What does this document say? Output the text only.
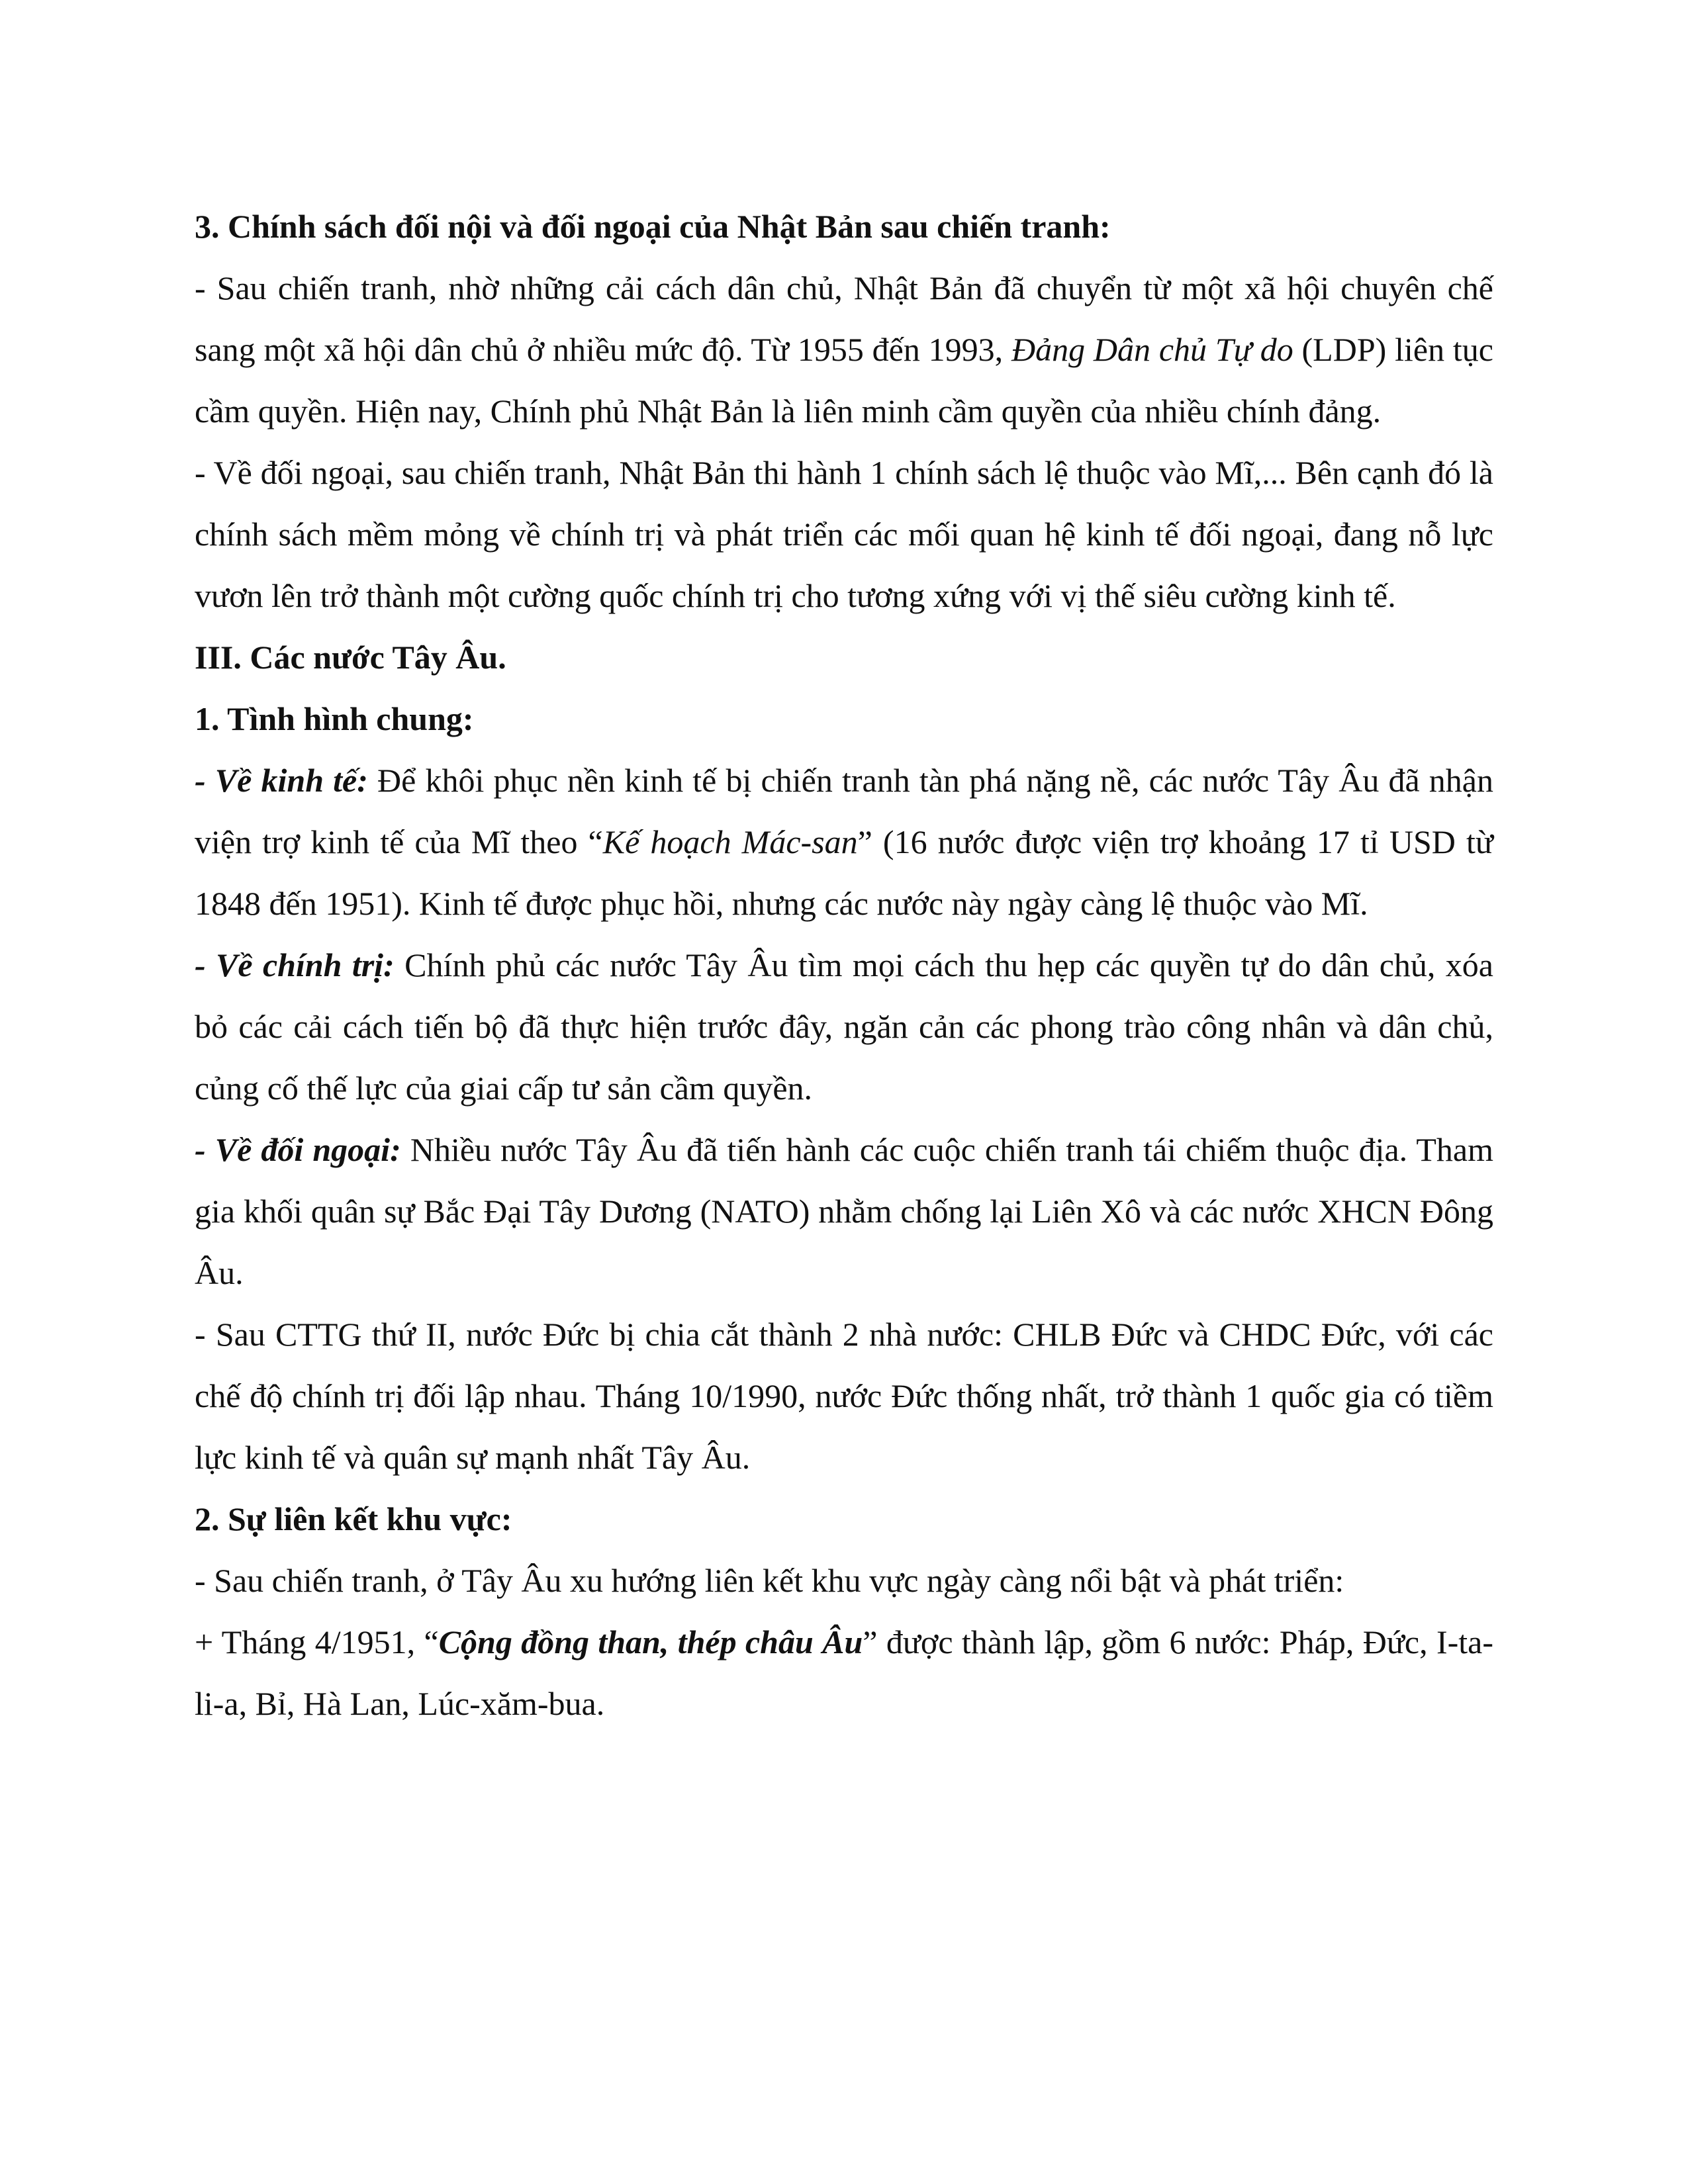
3. Chính sách đối nội và đối ngoại của Nhật Bản sau chiến tranh:

- Sau chiến tranh, nhờ những cải cách dân chủ, Nhật Bản đã chuyển từ một xã hội chuyên chế sang một xã hội dân chủ ở nhiều mức độ. Từ 1955 đến 1993, Đảng Dân chủ Tự do (LDP) liên tục cầm quyền. Hiện nay, Chính phủ Nhật Bản là liên minh cầm quyền của nhiều chính đảng.

- Về đối ngoại, sau chiến tranh, Nhật Bản thi hành 1 chính sách lệ thuộc vào Mĩ,... Bên cạnh đó là chính sách mềm mỏng về chính trị và phát triển các mối quan hệ kinh tế đối ngoại, đang nỗ lực vươn lên trở thành một cường quốc chính trị cho tương xứng với vị thế siêu cường kinh tế.

III. Các nước Tây Âu.

1. Tình hình chung:

- Về kinh tế: Để khôi phục nền kinh tế bị chiến tranh tàn phá nặng nề, các nước Tây Âu đã nhận viện trợ kinh tế của Mĩ theo “Kế hoạch Mác-san” (16 nước được viện trợ khoảng 17 tỉ USD từ 1848 đến 1951). Kinh tế được phục hồi, nhưng các nước này ngày càng lệ thuộc vào Mĩ.

- Về chính trị: Chính phủ các nước Tây Âu tìm mọi cách thu hẹp các quyền tự do dân chủ, xóa bỏ các cải cách tiến bộ đã thực hiện trước đây, ngăn cản các phong trào công nhân và dân chủ, củng cố thế lực của giai cấp tư sản cầm quyền.

- Về đối ngoại: Nhiều nước Tây Âu đã tiến hành các cuộc chiến tranh tái chiếm thuộc địa. Tham gia khối quân sự Bắc Đại Tây Dương (NATO) nhằm chống lại Liên Xô và các nước XHCN Đông Âu.

- Sau CTTG thứ II, nước Đức bị chia cắt thành 2 nhà nước: CHLB Đức và CHDC Đức, với các chế độ chính trị đối lập nhau. Tháng 10/1990, nước Đức thống nhất, trở thành 1 quốc gia có tiềm lực kinh tế và quân sự mạnh nhất Tây Âu.

2. Sự liên kết khu vực:

- Sau chiến tranh, ở Tây Âu xu hướng liên kết khu vực ngày càng nổi bật và phát triển:

+ Tháng 4/1951, “Cộng đồng than, thép châu Âu” được thành lập, gồm 6 nước: Pháp, Đức, I-ta-li-a, Bỉ, Hà Lan, Lúc-xăm-bua.
